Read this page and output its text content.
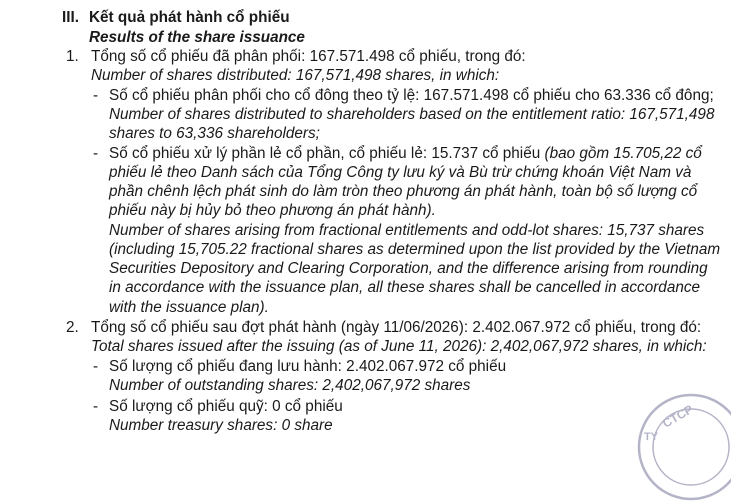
III. Kết quả phát hành cổ phiếu
Results of the share issuance
1. Tổng số cổ phiếu đã phân phối: 167.571.498 cổ phiếu, trong đó:
Number of shares distributed: 167,571,498 shares, in which:
- Số cổ phiếu phân phối cho cổ đông theo tỷ lệ: 167.571.498 cổ phiếu cho 63.336 cổ đông;
Number of shares distributed to shareholders based on the entitlement ratio: 167,571,498
shares to 63,336 shareholders;
- Số cổ phiếu xử lý phần lẻ cổ phần, cổ phiếu lẻ: 15.737 cổ phiếu (bao gồm 15.705,22 cổ
phiếu lẻ theo Danh sách của Tổng Công ty lưu ký và Bù trừ chứng khoán Việt Nam và
phần chênh lệch phát sinh do làm tròn theo phương án phát hành, toàn bộ số lượng cổ
phiếu này bị hủy bỏ theo phương án phát hành).
Number of shares arising from fractional entitlements and odd-lot shares: 15,737 shares
(including 15,705.22 fractional shares as determined upon the list provided by the Vietnam
Securities Depository and Clearing Corporation, and the difference arising from rounding
in accordance with the issuance plan, all these shares shall be cancelled in accordance
with the issuance plan).
2. Tổng số cổ phiếu sau đợt phát hành (ngày 11/06/2026): 2.402.067.972 cổ phiếu, trong đó:
Total shares issued after the issuing (as of June 11, 2026): 2,402,067,972 shares, in which:
- Số lượng cổ phiếu đang lưu hành: 2.402.067.972 cổ phiếu
Number of outstanding shares: 2,402,067,972 shares
- Số lượng cổ phiếu quỹ: 0 cổ phiếu
Number treasury shares: 0 share	CTCP
TY
